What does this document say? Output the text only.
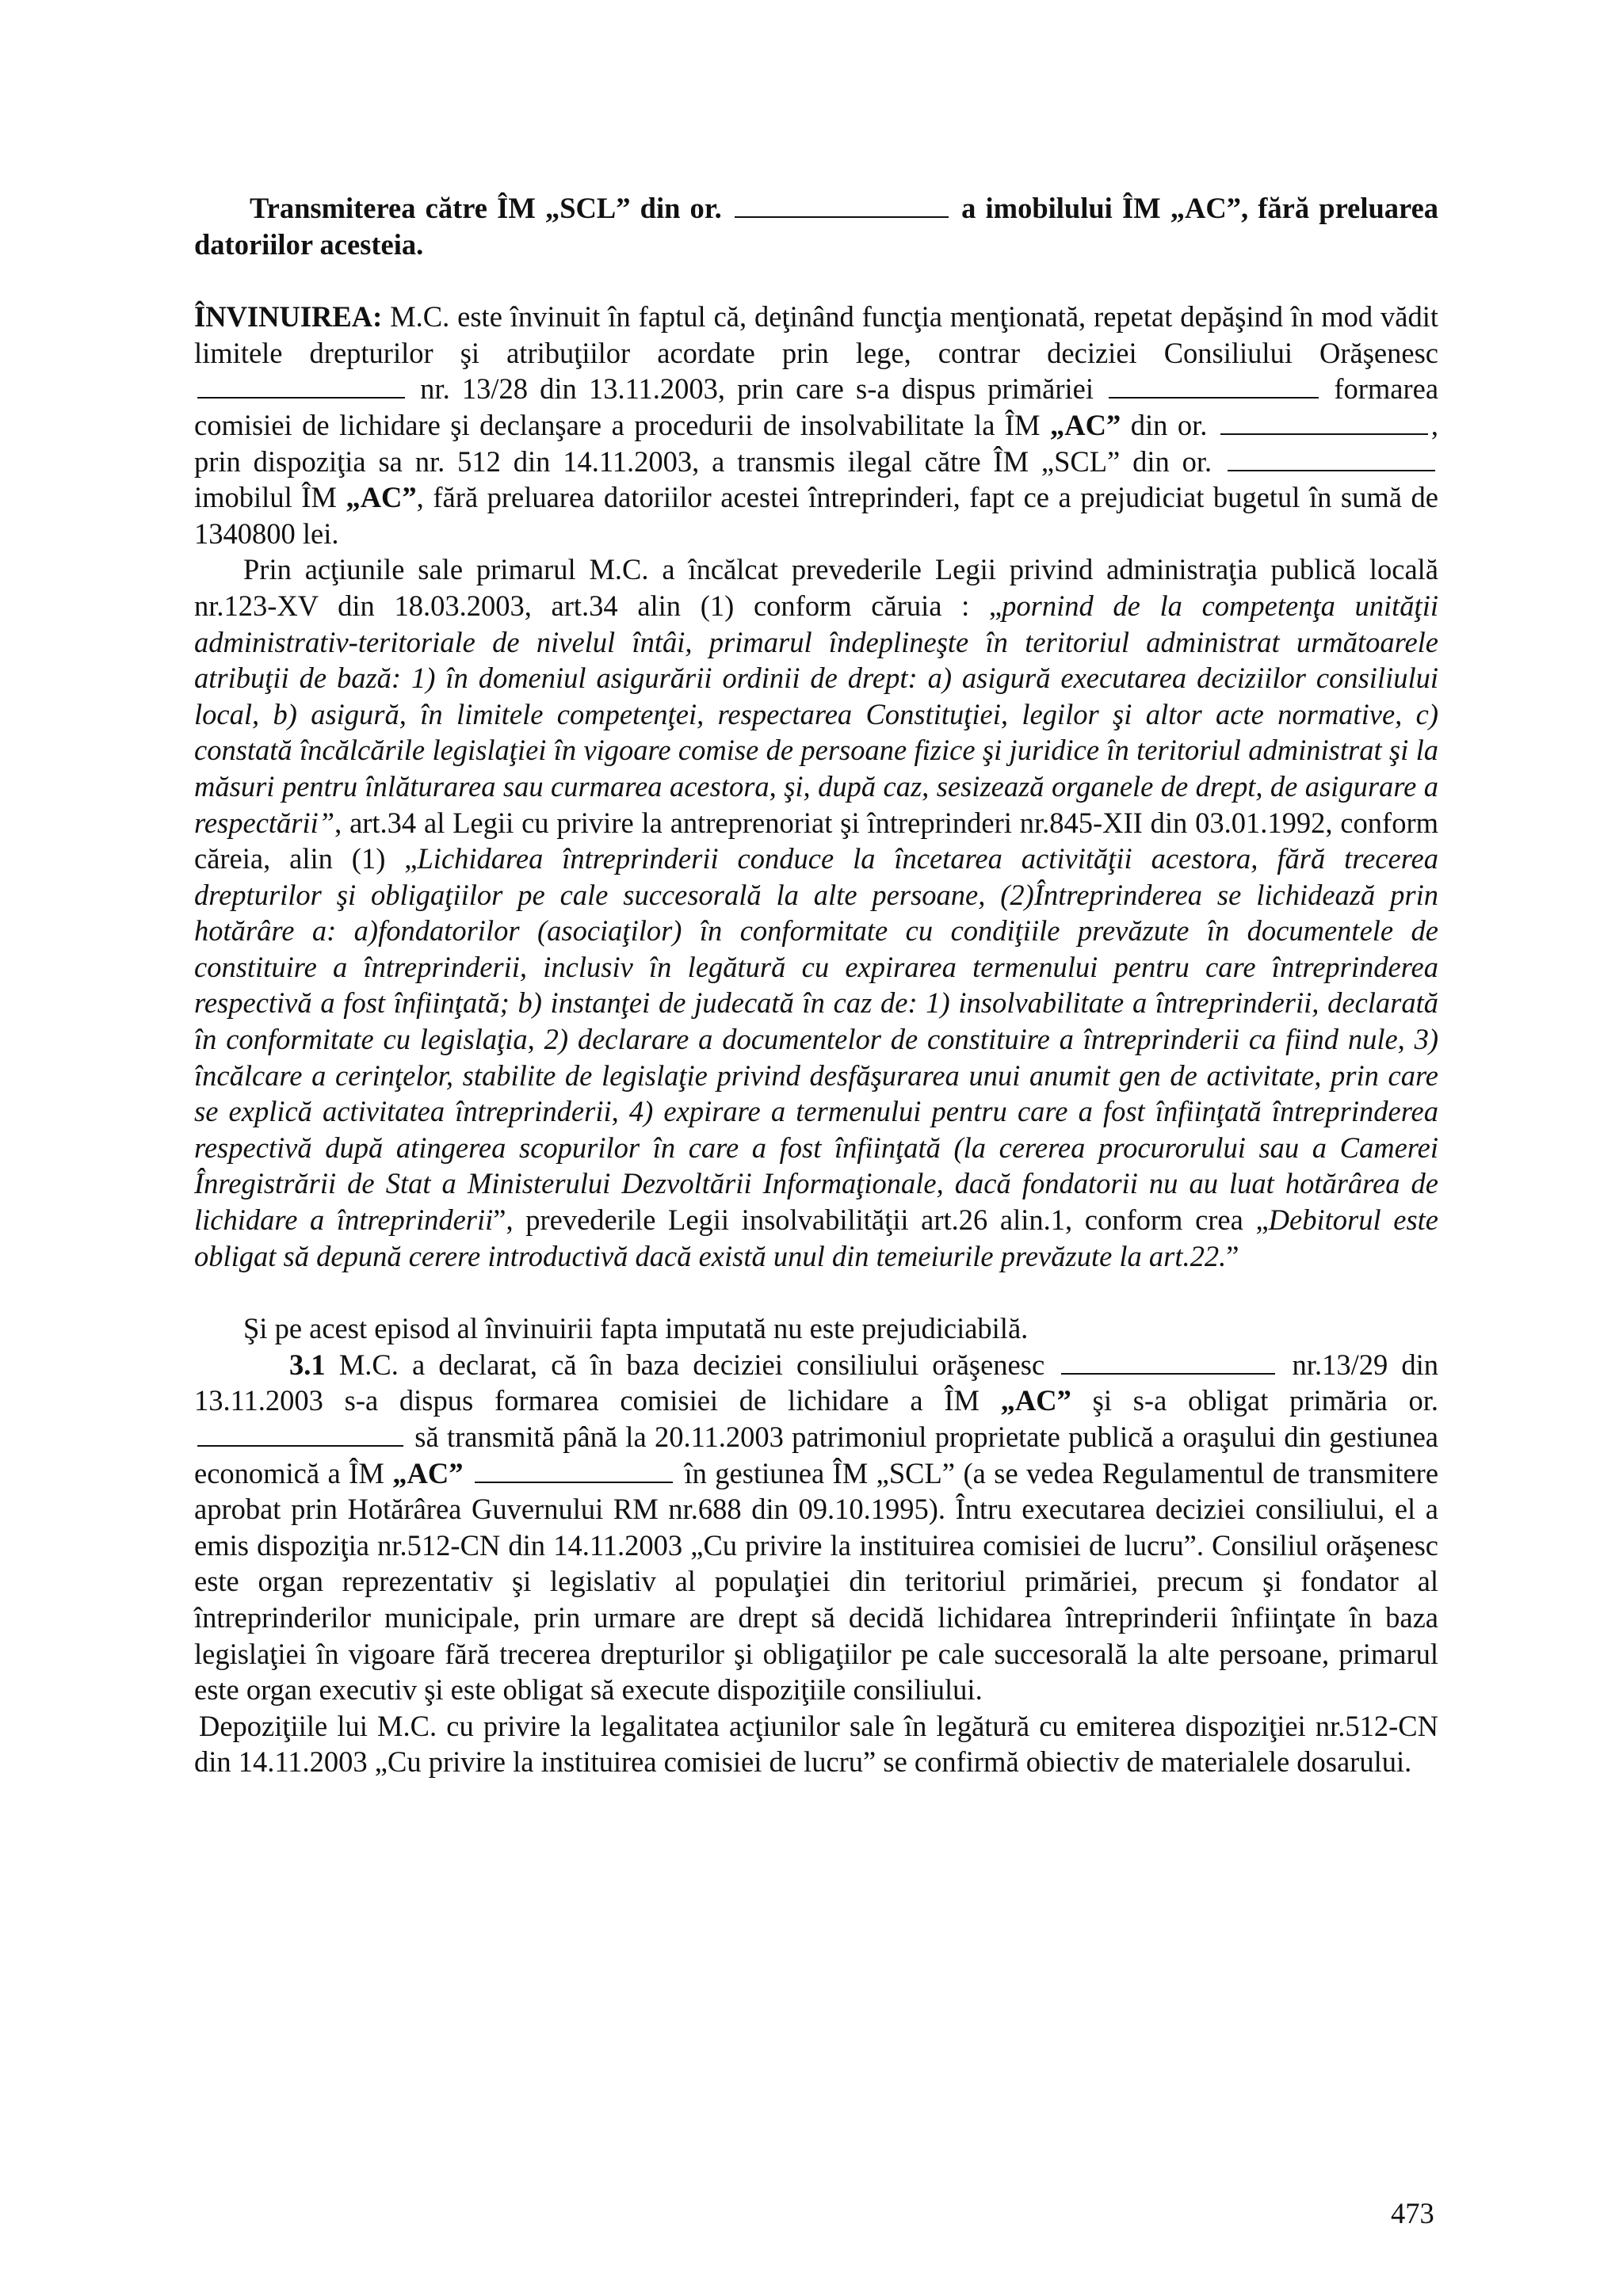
Transmiterea către ÎM „SCL” din or.	a imobilului ÎM „AC”, fără preluarea datoriilor acesteia.

ÎNVINUIREA: M.C. este învinuit în faptul că, deţinând funcţia menţionată, repetat depăşind în mod vădit limitele drepturilor şi atribuţiilor acordate prin lege, contrar deciziei Consiliului Orăşenesc  nr. 13/28 din 13.11.2003, prin care s-a dispus primăriei	formarea comisiei de lichidare şi declanşare a procedurii de insolvabilitate la ÎM „AC” din or.	, prin dispoziţia sa nr. 512 din 14.11.2003, a transmis ilegal către ÎM „SCL” din or.  imobilul ÎM „AC”, fără preluarea datoriilor acestei întreprinderi, fapt ce a prejudiciat bugetul în sumă de 1340800 lei.

Prin acţiunile sale primarul M.C. a încălcat prevederile Legii privind administraţia publică locală nr.123-XV din 18.03.2003, art.34 alin (1) conform căruia : „pornind de la competenţa unităţii administrativ-teritoriale de nivelul întâi, primarul îndeplineşte în teritoriul administrat următoarele atribuţii de bază: 1) în domeniul asigurării ordinii de drept: a) asigură executarea deciziilor consiliului local, b) asigură, în limitele competenţei, respectarea Constituţiei, legilor şi altor acte normative, c) constată încălcările legislaţiei în vigoare comise de persoane fizice şi juridice în teritoriul administrat şi la măsuri pentru înlăturarea sau curmarea acestora, şi, după caz, sesizează organele de drept, de asigurare a respectării”, art.34 al Legii cu privire la antreprenoriat şi întreprinderi nr.845-XII din 03.01.1992, conform căreia, alin (1) „Lichidarea întreprinderii conduce la încetarea activităţii acestora, fără trecerea drepturilor şi obligaţiilor pe cale succesorală la alte persoane, (2)Întreprinderea se lichidează prin hotărâre a: a)fondatorilor (asociaţilor) în conformitate cu condiţiile prevăzute în documentele de constituire a întreprinderii, inclusiv în legătură cu expirarea termenului pentru care întreprinderea respectivă a fost înfiinţată; b) instanţei de judecată în caz de: 1) insolvabilitate a întreprinderii, declarată în conformitate cu legislaţia, 2) declarare a documentelor de constituire a întreprinderii ca fiind nule, 3) încălcare a cerinţelor, stabilite de legislaţie privind desfăşurarea unui anumit gen de activitate, prin care se explică activitatea întreprinderii, 4) expirare a termenului pentru care a fost înfiinţată întreprinderea respectivă după atingerea scopurilor în care a fost înfiinţată (la cererea procurorului sau a Camerei Înregistrării de Stat a Ministerului Dezvoltării Informaţionale, dacă fondatorii nu au luat hotărârea de lichidare a întreprinderii”, prevederile Legii insolvabilităţii art.26 alin.1, conform crea „Debitorul este obligat să depună cerere introductivă dacă există unul din temeiurile prevăzute la art.22.”

Şi pe acest episod al învinuirii fapta imputată nu este prejudiciabilă.

3.1 M.C. a declarat, că în baza deciziei consiliului orăşenesc	nr.13/29 din 13.11.2003 s-a dispus formarea comisiei de lichidare a ÎM „AC” şi s-a obligat primăria or.  să transmită până la 20.11.2003 patrimoniul proprietate publică a oraşului din gestiunea economică a ÎM „AC”	în gestiunea ÎM „SCL” (a se vedea Regulamentul de transmitere aprobat prin Hotărârea Guvernului RM nr.688 din 09.10.1995). Întru executarea deciziei consiliului, el a emis dispoziţia nr.512-CN din 14.11.2003 „Cu privire la instituirea comisiei de lucru”. Consiliul orăşenesc este organ reprezentativ şi legislativ al populaţiei din teritoriul primăriei, precum şi fondator al întreprinderilor municipale, prin urmare are drept să decidă lichidarea întreprinderii înfiinţate în baza legislaţiei în vigoare fără trecerea drepturilor şi obligaţiilor pe cale succesorală la alte persoane, primarul este organ executiv şi este obligat să execute dispoziţiile consiliului.

Depoziţiile lui M.C. cu privire la legalitatea acţiunilor sale în legătură cu emiterea dispoziţiei nr.512-CN din 14.11.2003 „Cu privire la instituirea comisiei de lucru” se confirmă obiectiv de materialele dosarului.

473
